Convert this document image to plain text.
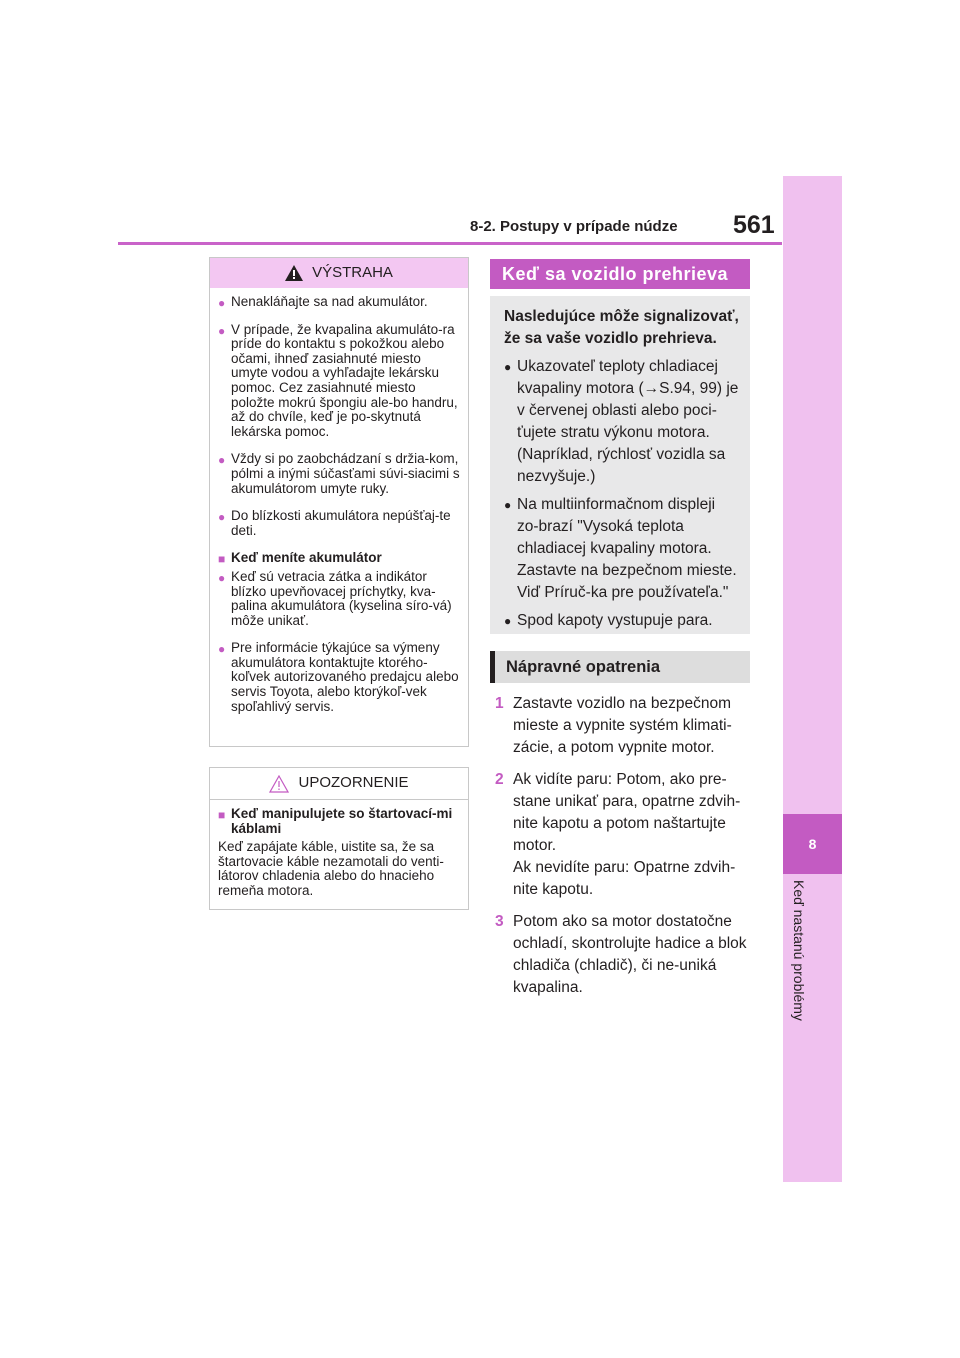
8-2. Postupy v prípade núdze 561
8
Keď nastanú problémy
VÝSTRAHA
● Nenakláňajte sa nad akumulátor.
● V prípade, že kvapalina akumuláto-ra príde do kontaktu s pokožkou alebo očami, ihneď zasiahnuté miesto umyte vodou a vyhľadajte lekársku pomoc. Cez zasiahnuté miesto položte mokrú špongiu ale-bo handru, až do chvíle, keď je po-skytnutá lekárska pomoc.
● Vždy si po zaobchádzaní s držia-kom, pólmi a inými súčasťami súvi-siacimi s akumulátorom umyte ruky.
● Do blízkosti akumulátora nepúšťaj-te deti.
■ Keď meníte akumulátor
● Keď sú vetracia zátka a indikátor blízko upevňovacej príchytky, kva-palina akumulátora (kyselina síro-vá) môže unikať.
● Pre informácie týkajúce sa výmeny akumulátora kontaktujte ktorého-koľvek autorizovaného predajcu alebo servis Toyota, alebo ktorýkoľ-vek spoľahlivý servis.
UPOZORNENIE
■ Keď manipulujete so štartovací-mi káblami
Keď zapájate káble, uistite sa, že sa štartovacie káble nezamotali do venti-látorov chladenia alebo do hnacieho remeňa motora.
Keď sa vozidlo prehrieva
Nasledujúce môže signalizovať, že sa vaše vozidlo prehrieva.
● Ukazovateľ teploty chladiacej kvapaliny motora (→S.94, 99) je v červenej oblasti alebo poci-ťujete stratu výkonu motora. (Napríklad, rýchlosť vozidla sa nezvyšuje.)
● Na multiinformačnom displeji zo-brazí "Vysoká teplota chladiacej kvapaliny motora. Zastavte na bezpečnom mieste. Viď Príruč-ka pre používateľa."
● Spod kapoty vystupuje para.
Nápravné opatrenia
1 Zastavte vozidlo na bezpečnom mieste a vypnite systém klimati-zácie, a potom vypnite motor.
2 Ak vidíte paru: Potom, ako pre-stane unikať para, opatrne zdvih-nite kapotu a potom naštartujte motor.
Ak nevidíte paru: Opatrne zdvih-nite kapotu.
3 Potom ako sa motor dostatočne ochladí, skontrolujte hadice a blok chladiča (chladič), či ne-uniká kvapalina.
